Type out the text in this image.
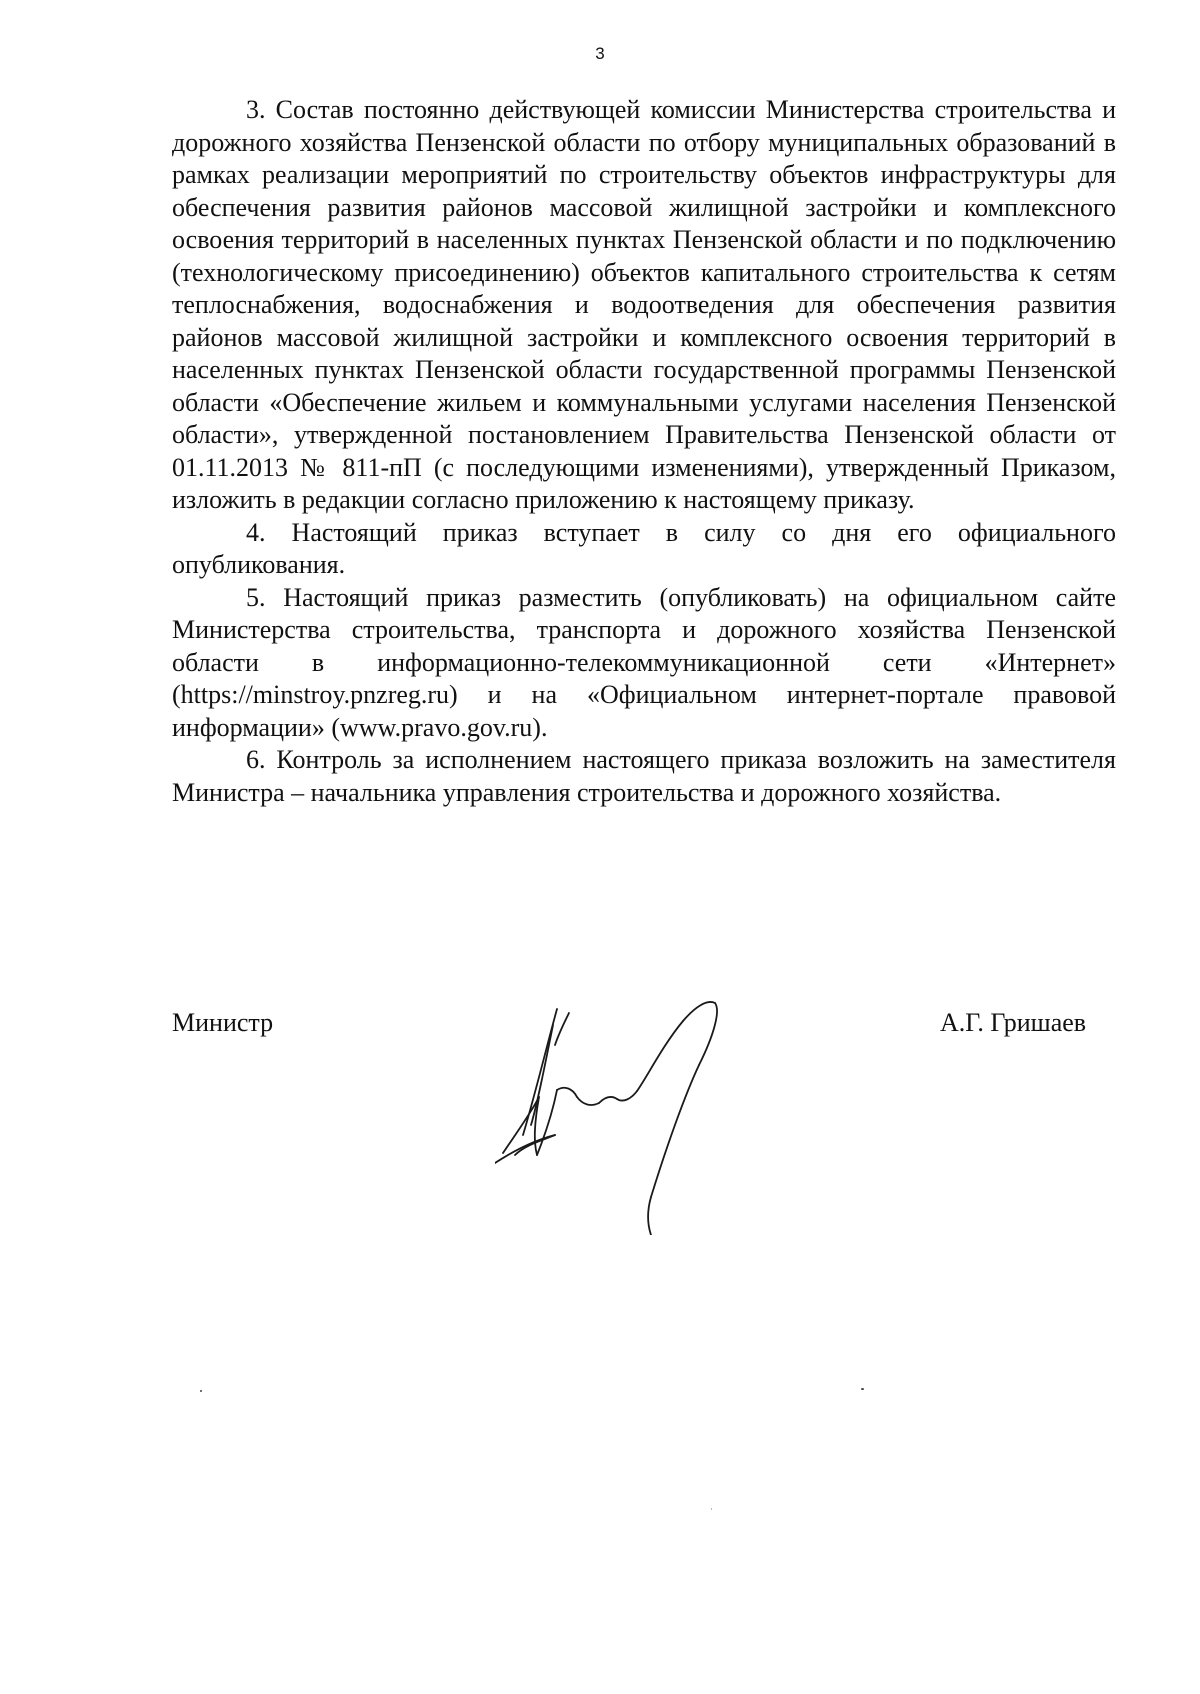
3

3. Состав постоянно действующей комиссии Министерства строительства и дорожного хозяйства Пензенской области по отбору муниципальных образований в рамках реализации мероприятий по строительству объектов инфраструктуры для обеспечения развития районов массовой жилищной застройки и комплексного освоения территорий в населенных пунктах Пензенской области и по подключению (технологическому присоединению) объектов капитального строительства к сетям теплоснабжения, водоснабжения и водоотведения для обеспечения развития районов массовой жилищной застройки и комплексного освоения территорий в населенных пунктах Пензенской области государственной программы Пензенской области «Обеспечение жильем и коммунальными услугами населения Пензенской области», утвержденной постановлением Правительства Пензенской области от 01.11.2013 № 811-пП (с последующими изменениями), утвержденный Приказом, изложить в редакции согласно приложению к настоящему приказу.

4. Настоящий приказ вступает в силу со дня его официального опубликования.

5. Настоящий приказ разместить (опубликовать) на официальном сайте Министерства строительства, транспорта и дорожного хозяйства Пензенской области в информационно-телекоммуникационной сети «Интернет» (https://minstroy.pnzreg.ru) и на «Официальном интернет-портале правовой информации» (www.pravo.gov.ru).

6. Контроль за исполнением настоящего приказа возложить на заместителя Министра – начальника управления строительства и дорожного хозяйства.

Министр	А.Г. Гришаев
